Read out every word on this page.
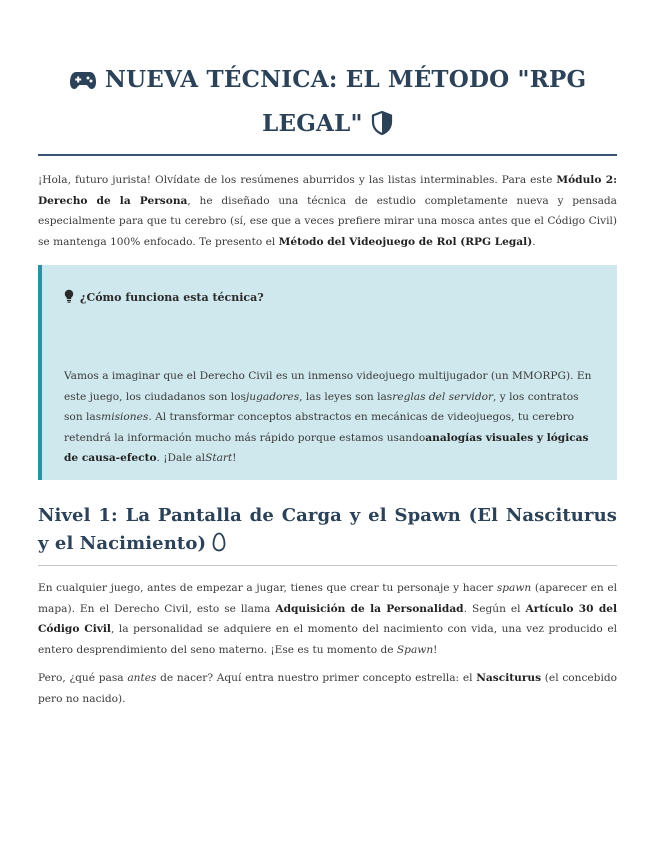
NUEVA TÉCNICA: EL MÉTODO "RPG LEGAL"

¡Hola, futuro jurista! Olvídate de los resúmenes aburridos y las listas interminables. Para este Módulo 2: Derecho de la Persona, he diseñado una técnica de estudio completamente nueva y pensada especialmente para que tu cerebro (sí, ese que a veces prefiere mirar una mosca antes que el Código Civil) se mantenga 100% enfocado. Te presento el Método del Videojuego de Rol (RPG Legal).

¿Cómo funciona esta técnica?
Vamos a imaginar que el Derecho Civil es un inmenso videojuego multijugador (un MMORPG). En este juego, los ciudadanos son losjugadores, las leyes son lasreglas del servidor, y los contratos son lasmisiones. Al transformar conceptos abstractos en mecánicas de videojuegos, tu cerebro retendrá la información mucho más rápido porque estamos usandoanalogías visuales y lógicas de causa-efecto. ¡Dale alStart!
Nivel 1: La Pantalla de Carga y el Spawn (El Nasciturus y el Nacimiento)

En cualquier juego, antes de empezar a jugar, tienes que crear tu personaje y hacer spawn (aparecer en el mapa). En el Derecho Civil, esto se llama Adquisición de la Personalidad. Según el Artículo 30 del Código Civil, la personalidad se adquiere en el momento del nacimiento con vida, una vez producido el entero desprendimiento del seno materno. ¡Ese es tu momento de Spawn!

Pero, ¿qué pasa antes de nacer? Aquí entra nuestro primer concepto estrella: el Nasciturus (el concebido pero no nacido).
